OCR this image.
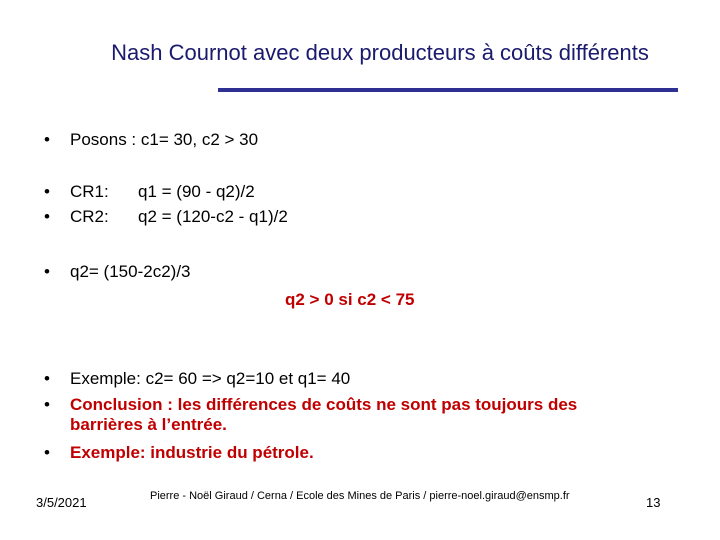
Nash Cournot avec deux producteurs à coûts différents
•	Posons : c1= 30, c2 > 30
•	CR1: q1 = (90 - q2)/2
•	CR2: q2 = (120-c2 - q1)/2
•	q2= (150-2c2)/3
q2 > 0 si c2 < 75
•	Exemple: c2= 60 => q2=10 et q1= 40
•	Conclusion : les différences de coûts ne sont pas toujours des
barrières à l’entrée.
•	Exemple: industrie du pétrole.
3/5/2021	Pierre - Noël Giraud / Cerna / Ecole des Mines de Paris / pierre-noel.giraud@ensmp.fr	13
